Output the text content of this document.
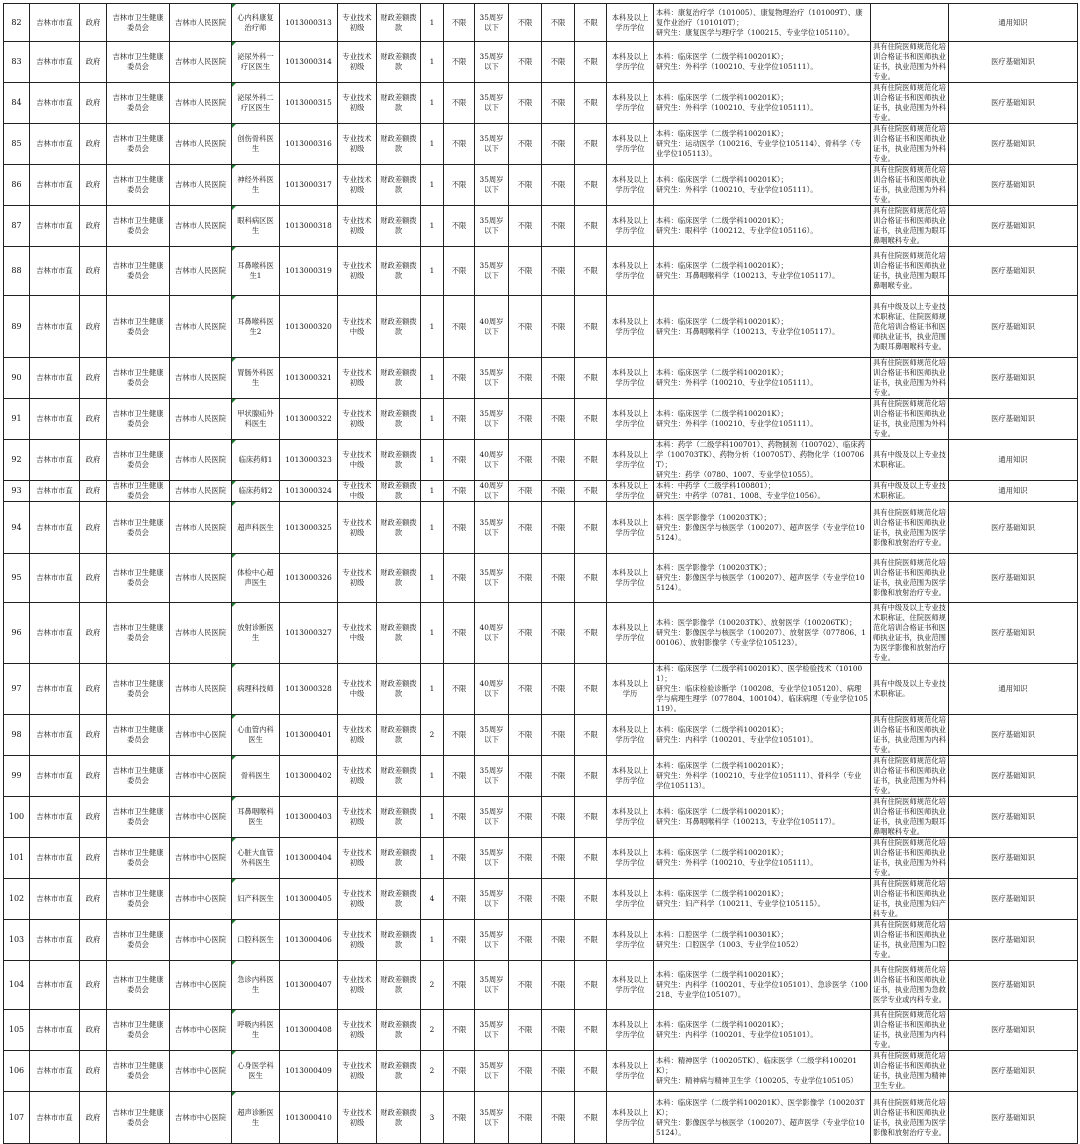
82	吉林市市直	政府	吉林市卫生健康委员会	吉林市人民医院	心内科康复治疗师	1013000313	专业技术初级	财政差额拨款	1	不限	35周岁以下	不限	不限	不限	本科及以上学历学位	本科：康复治疗学（101005）、康复物理治疗（101009T）、康复作业治疗（101010T）；
研究生：康复医学与理疗学（100215、专业学位105110）。		通用知识
83	吉林市市直	政府	吉林市卫生健康委员会	吉林市人民医院	泌尿外科一疗区医生	1013000314	专业技术初级	财政差额拨款	1	不限	35周岁以下	不限	不限	不限	本科及以上学历学位	本科：临床医学（二级学科100201K）；
研究生：外科学（100210、专业学位105111）。	具有住院医师规范化培训合格证书和医师执业证书，执业范围为外科专业。	医疗基础知识
84	吉林市市直	政府	吉林市卫生健康委员会	吉林市人民医院	泌尿外科二疗区医生	1013000315	专业技术初级	财政差额拨款	1	不限	35周岁以下	不限	不限	不限	本科及以上学历学位	本科：临床医学（二级学科100201K）；
研究生：外科学（100210、专业学位105111）。	具有住院医师规范化培训合格证书和医师执业证书，执业范围为外科专业。	医疗基础知识
85	吉林市市直	政府	吉林市卫生健康委员会	吉林市人民医院	创伤骨科医生	1013000316	专业技术初级	财政差额拨款	1	不限	35周岁以下	不限	不限	不限	本科及以上学历学位	本科：临床医学（二级学科100201K）；
研究生：运动医学（100216、专业学位105114）、骨科学（专业学位105113）。	具有住院医师规范化培训合格证书和医师执业证书，执业范围为外科专业。	医疗基础知识
86	吉林市市直	政府	吉林市卫生健康委员会	吉林市人民医院	神经外科医生	1013000317	专业技术初级	财政差额拨款	1	不限	35周岁以下	不限	不限	不限	本科及以上学历学位	本科：临床医学（二级学科100201K）；
研究生：外科学（100210、专业学位105111）。	具有住院医师规范化培训合格证书和医师执业证书，执业范围为外科专业。	医疗基础知识
87	吉林市市直	政府	吉林市卫生健康委员会	吉林市人民医院	眼科病区医生	1013000318	专业技术初级	财政差额拨款	1	不限	35周岁以下	不限	不限	不限	本科及以上学历学位	本科：临床医学（二级学科100201K）；
研究生：眼科学（100212、专业学位105116）。	具有住院医师规范化培训合格证书和医师执业证书，执业范围为眼耳鼻咽喉科专业。	医疗基础知识
88	吉林市市直	政府	吉林市卫生健康委员会	吉林市人民医院	耳鼻喉科医生1	1013000319	专业技术初级	财政差额拨款	1	不限	35周岁以下	不限	不限	不限	本科及以上学历学位	本科：临床医学（二级学科100201K）；
研究生：耳鼻咽喉科学（100213、专业学位105117）。	具有住院医师规范化培训合格证书和医师执业证书，执业范围为眼耳鼻咽喉专业。	医疗基础知识
89	吉林市市直	政府	吉林市卫生健康委员会	吉林市人民医院	耳鼻喉科医生2	1013000320	专业技术中级	财政差额拨款	1	不限	40周岁以下	不限	不限	不限	本科及以上学历学位	本科：临床医学（二级学科100201K）；
研究生：耳鼻咽喉科学（100213、专业学位105117）。	具有中级及以上专业技术职称证、住院医师规范化培训合格证书和医师执业证书，执业范围为眼耳鼻咽喉科专业。	医疗基础知识
90	吉林市市直	政府	吉林市卫生健康委员会	吉林市人民医院	胃肠外科医生	1013000321	专业技术初级	财政差额拨款	1	不限	35周岁以下	不限	不限	不限	本科及以上学历学位	本科：临床医学（二级学科100201K）；
研究生：外科学（100210、专业学位105111）。	具有住院医师规范化培训合格证书和医师执业证书，执业范围为外科专业。	医疗基础知识
91	吉林市市直	政府	吉林市卫生健康委员会	吉林市人民医院	甲状腺疝外科医生	1013000322	专业技术初级	财政差额拨款	1	不限	35周岁以下	不限	不限	不限	本科及以上学历学位	本科：临床医学（二级学科100201K）；
研究生：外科学（100210、专业学位105111）。	具有住院医师规范化培训合格证书和医师执业证书，执业范围为外科专业。	医疗基础知识
92	吉林市市直	政府	吉林市卫生健康委员会	吉林市人民医院	临床药师1	1013000323	专业技术中级	财政差额拨款	1	不限	40周岁以下	不限	不限	不限	本科及以上学历学位	本科：药学（二级学科100701）、药物制剂（100702）、临床药学（100703TK）、药物分析（100705T）、药物化学（100706T）；
研究生：药学（0780、1007、专业学位1055）。	具有中级及以上专业技术职称证。	通用知识
93	吉林市市直	政府	吉林市卫生健康委员会	吉林市人民医院	临床药师2	1013000324	专业技术中级	财政差额拨款	1	不限	40周岁以下	不限	不限	不限	本科及以上学历学位	本科：中药学（二级学科100801）；
研究生：中药学（0781、1008、专业学位1056）。	具有中级及以上专业技术职称证。	通用知识
94	吉林市市直	政府	吉林市卫生健康委员会	吉林市人民医院	超声科医生	1013000325	专业技术初级	财政差额拨款	1	不限	35周岁以下	不限	不限	不限	本科及以上学历学位	本科：医学影像学（100203TK）；
研究生：影像医学与核医学（100207）、超声医学（专业学位105124）。	具有住院医师规范化培训合格证书和医师执业证书，执业范围为医学影像和放射治疗专业。	医疗基础知识
95	吉林市市直	政府	吉林市卫生健康委员会	吉林市人民医院	体检中心超声医生	1013000326	专业技术初级	财政差额拨款	1	不限	35周岁以下	不限	不限	不限	本科及以上学历学位	本科：医学影像学（100203TK）；
研究生：影像医学与核医学（100207）、超声医学（专业学位105124）。	具有住院医师规范化培训合格证书和医师执业证书，执业范围为医学影像和放射治疗专业。	医疗基础知识
96	吉林市市直	政府	吉林市卫生健康委员会	吉林市人民医院	放射诊断医生	1013000327	专业技术中级	财政差额拨款	1	不限	40周岁以下	不限	不限	不限	本科及以上学历学位	本科：医学影像学（100203TK）、放射医学（100206TK）；
研究生：影像医学与核医学（100207）、放射医学（077806、100106）、放射影像学（专业学位105123）。	具有中级及以上专业技术职称证、住院医师规范化培训合格证书和医师执业证书，执业范围为医学影像和放射治疗专业。	医疗基础知识
97	吉林市市直	政府	吉林市卫生健康委员会	吉林市人民医院	病理科技师	1013000328	专业技术中级	财政差额拨款	1	不限	40周岁以下	不限	不限	不限	本科及以上学历	本科：临床医学（二级学科100201K）、医学检验技术（101001）；
研究生：临床检验诊断学（100208、专业学位105120）、病理学与病理生理学（077804、100104）、临床病理（专业学位105119）。	具有中级及以上专业技术职称证。	通用知识
98	吉林市市直	政府	吉林市卫生健康委员会	吉林市中心医院	心血管内科医生	1013000401	专业技术初级	财政差额拨款	2	不限	35周岁以下	不限	不限	不限	本科及以上学历学位	本科：临床医学（二级学科100201K）；
研究生：内科学（100201、专业学位105101）。	具有住院医师规范化培训合格证书和医师执业证书，执业范围为内科专业。	医疗基础知识
99	吉林市市直	政府	吉林市卫生健康委员会	吉林市中心医院	骨科医生	1013000402	专业技术初级	财政差额拨款	1	不限	35周岁以下	不限	不限	不限	本科及以上学历学位	本科：临床医学（二级学科100201K）；
研究生：外科学（100210、专业学位105111）、骨科学（专业学位105113）。	具有住院医师规范化培训合格证书和医师执业证书，执业范围为外科专业。	医疗基础知识
100	吉林市市直	政府	吉林市卫生健康委员会	吉林市中心医院	耳鼻咽喉科医生	1013000403	专业技术初级	财政差额拨款	1	不限	35周岁以下	不限	不限	不限	本科及以上学历学位	本科：临床医学（二级学科100201K）；
研究生：耳鼻咽喉科学（100213、专业学位105117）。	具有住院医师规范化培训合格证书和医师执业证书，执业范围为眼耳鼻咽喉科专业。	医疗基础知识
101	吉林市市直	政府	吉林市卫生健康委员会	吉林市中心医院	心脏大血管外科医生	1013000404	专业技术初级	财政差额拨款	1	不限	35周岁以下	不限	不限	不限	本科及以上学历学位	本科：临床医学（二级学科100201K）；
研究生：外科学（100210、专业学位105111）。	具有住院医师规范化培训合格证书和医师执业证书，执业范围为外科专业。	医疗基础知识
102	吉林市市直	政府	吉林市卫生健康委员会	吉林市中心医院	妇产科医生	1013000405	专业技术初级	财政差额拨款	4	不限	35周岁以下	不限	不限	不限	本科及以上学历学位	本科：临床医学（二级学科100201K）；
研究生：妇产科学（100211、专业学位105115）。	具有住院医师规范化培训合格证书和医师执业证书，执业范围为妇产科专业。	医疗基础知识
103	吉林市市直	政府	吉林市卫生健康委员会	吉林市中心医院	口腔科医生	1013000406	专业技术初级	财政差额拨款	1	不限	35周岁以下	不限	不限	不限	本科及以上学历学位	本科：口腔医学（二级学科100301K）；
研究生：口腔医学（1003、专业学位1052）	具有住院医师规范化培训合格证书和医师执业证书，执业范围为口腔专业。	医疗基础知识
104	吉林市市直	政府	吉林市卫生健康委员会	吉林市中心医院	急诊内科医生	1013000407	专业技术初级	财政差额拨款	2	不限	35周岁以下	不限	不限	不限	本科及以上学历学位	本科：临床医学（二级学科100201K）；
研究生：内科学（100201、专业学位105101）、急诊医学（100218、专业学位105107）。	具有住院医师规范化培训合格证书和医师执业证书，执业范围为急救医学专业或内科专业。	医疗基础知识
105	吉林市市直	政府	吉林市卫生健康委员会	吉林市中心医院	呼吸内科医生	1013000408	专业技术初级	财政差额拨款	2	不限	35周岁以下	不限	不限	不限	本科及以上学历学位	本科：临床医学（二级学科100201K）；
研究生：内科学（100201、专业学位105101）。	具有住院医师规范化培训合格证书和医师执业证书，执业范围为内科专业。	医疗基础知识
106	吉林市市直	政府	吉林市卫生健康委员会	吉林市中心医院	心身医学科医生	1013000409	专业技术初级	财政差额拨款	2	不限	35周岁以下	不限	不限	不限	本科及以上学历学位	本科：精神医学（100205TK）、临床医学（二级学科100201K）；
研究生：精神病与精神卫生学（100205、专业学位105105）	具有住院医师规范化培训合格证书和医师执业证书，执业范围为精神卫生专业。	医疗基础知识
107	吉林市市直	政府	吉林市卫生健康委员会	吉林市中心医院	超声诊断医生	1013000410	专业技术初级	财政差额拨款	3	不限	35周岁以下	不限	不限	不限	本科及以上学历学位	本科：临床医学（二级学科100201K）、医学影像学（100203TK）；
研究生：影像医学与核医学（100207）、超声医学（专业学位105124）。	具有住院医师规范化培训合格证书和医师执业证书，执业范围为医学影像和放射治疗专业。	医疗基础知识
